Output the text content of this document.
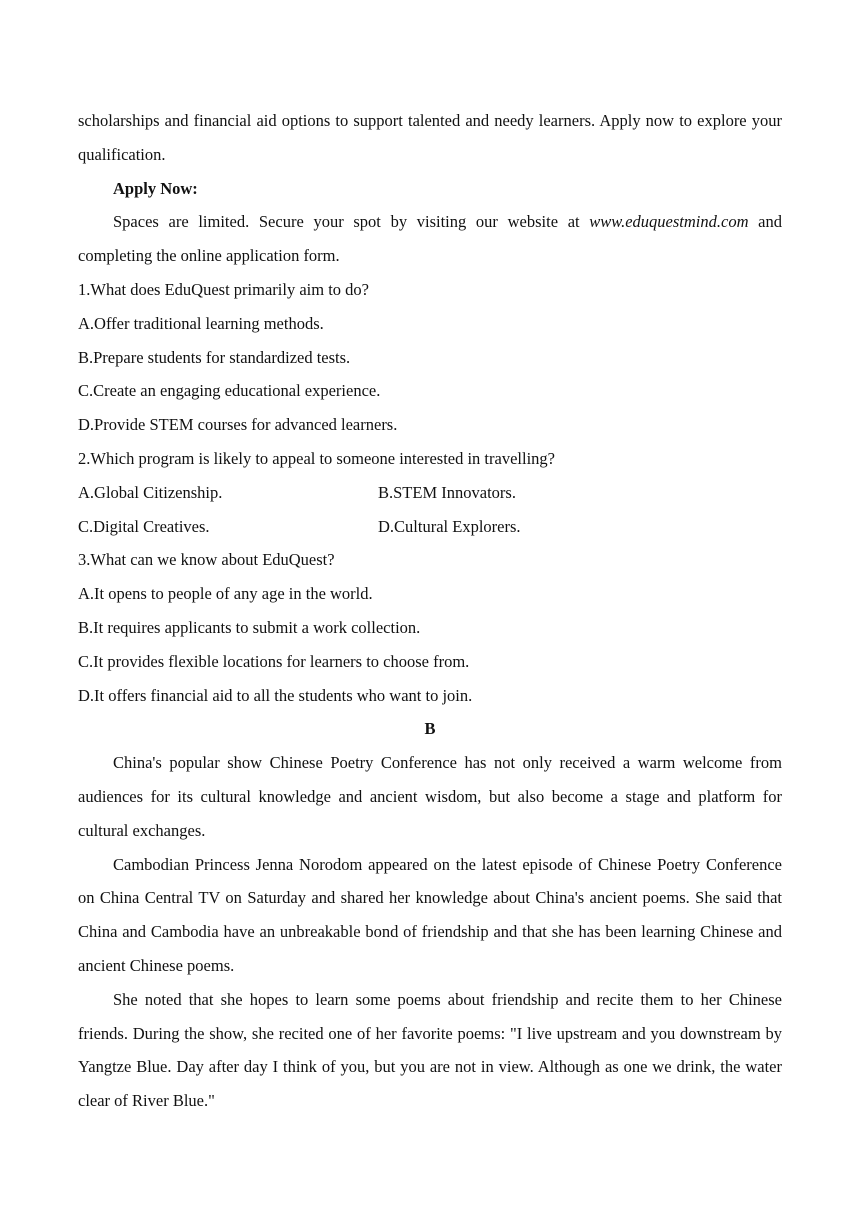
scholarships and financial aid options to support talented and needy learners. Apply now to explore your qualification.
Apply Now:
Spaces are limited. Secure your spot by visiting our website at www.eduquestmind.com and completing the online application form.
1.What does EduQuest primarily aim to do?
A.Offer traditional learning methods.
B.Prepare students for standardized tests.
C.Create an engaging educational experience.
D.Provide STEM courses for advanced learners.
2.Which program is likely to appeal to someone interested in travelling?
A.Global Citizenship.	B.STEM Innovators.
C.Digital Creatives.	D.Cultural Explorers.
3.What can we know about EduQuest?
A.It opens to people of any age in the world.
B.It requires applicants to submit a work collection.
C.It provides flexible locations for learners to choose from.
D.It offers financial aid to all the students who want to join.
B
China's popular show Chinese Poetry Conference has not only received a warm welcome from audiences for its cultural knowledge and ancient wisdom, but also become a stage and platform for cultural exchanges.
Cambodian Princess Jenna Norodom appeared on the latest episode of Chinese Poetry Conference on China Central TV on Saturday and shared her knowledge about China's ancient poems. She said that China and Cambodia have an unbreakable bond of friendship and that she has been learning Chinese and ancient Chinese poems.
She noted that she hopes to learn some poems about friendship and recite them to her Chinese friends. During the show, she recited one of her favorite poems: "I live upstream and you downstream by Yangtze Blue. Day after day I think of you, but you are not in view. Although as one we drink, the water clear of River Blue."
